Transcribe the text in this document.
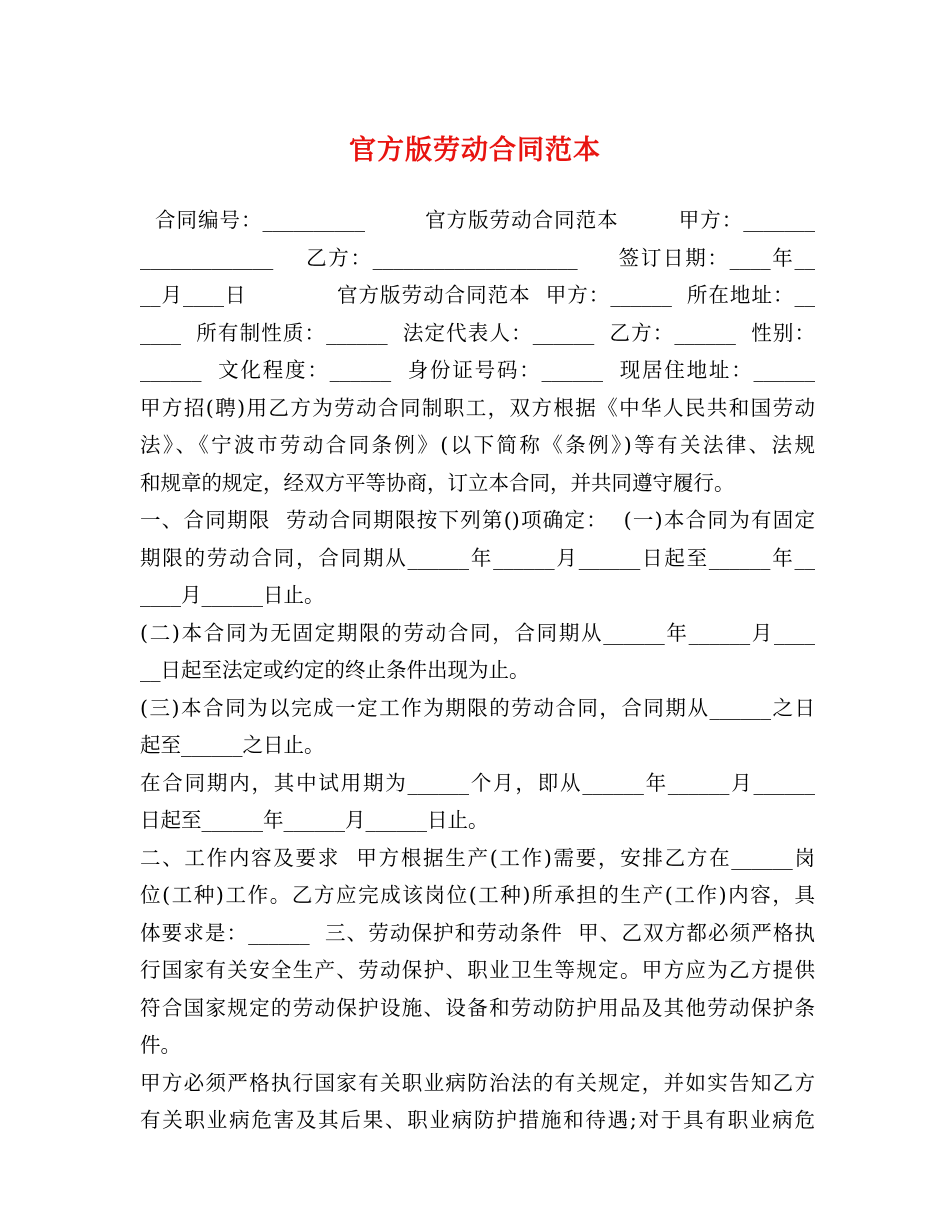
官方版劳动合同范本

合同编号：__________        官方版劳动合同范本        甲方：_______

_____________    乙方：____________________     签订日期：____年__

__月____日            官方版劳动合同范本  甲方：______  所在地址：__

____  所有制性质：______  法定代表人：______  乙方：______  性别：

______  文化程度：______  身份证号码：______  现居住地址：______

甲方招(聘)用乙方为劳动合同制职工，双方根据《中华人民共和国劳动

法》、《宁波市劳动合同条例》(以下简称《条例》)等有关法律、法规

和规章的规定，经双方平等协商，订立本合同，并共同遵守履行。

一、合同期限  劳动合同期限按下列第()项确定：  (一)本合同为有固定

期限的劳动合同，合同期从______年______月______日起至______年__

____月______日止。

(二)本合同为无固定期限的劳动合同，合同期从______年______月____

__日起至法定或约定的终止条件出现为止。

(三)本合同为以完成一定工作为期限的劳动合同，合同期从______之日

起至______之日止。

在合同期内，其中试用期为______个月，即从______年______月______

日起至______年______月______日止。

二、工作内容及要求  甲方根据生产(工作)需要，安排乙方在______岗

位(工种)工作。乙方应完成该岗位(工种)所承担的生产(工作)内容，具

体要求是：______  三、劳动保护和劳动条件  甲、乙双方都必须严格执

行国家有关安全生产、劳动保护、职业卫生等规定。甲方应为乙方提供

符合国家规定的劳动保护设施、设备和劳动防护用品及其他劳动保护条

件。

甲方必须严格执行国家有关职业病防治法的有关规定，并如实告知乙方

有关职业病危害及其后果、职业病防护措施和待遇;对于具有职业病危
